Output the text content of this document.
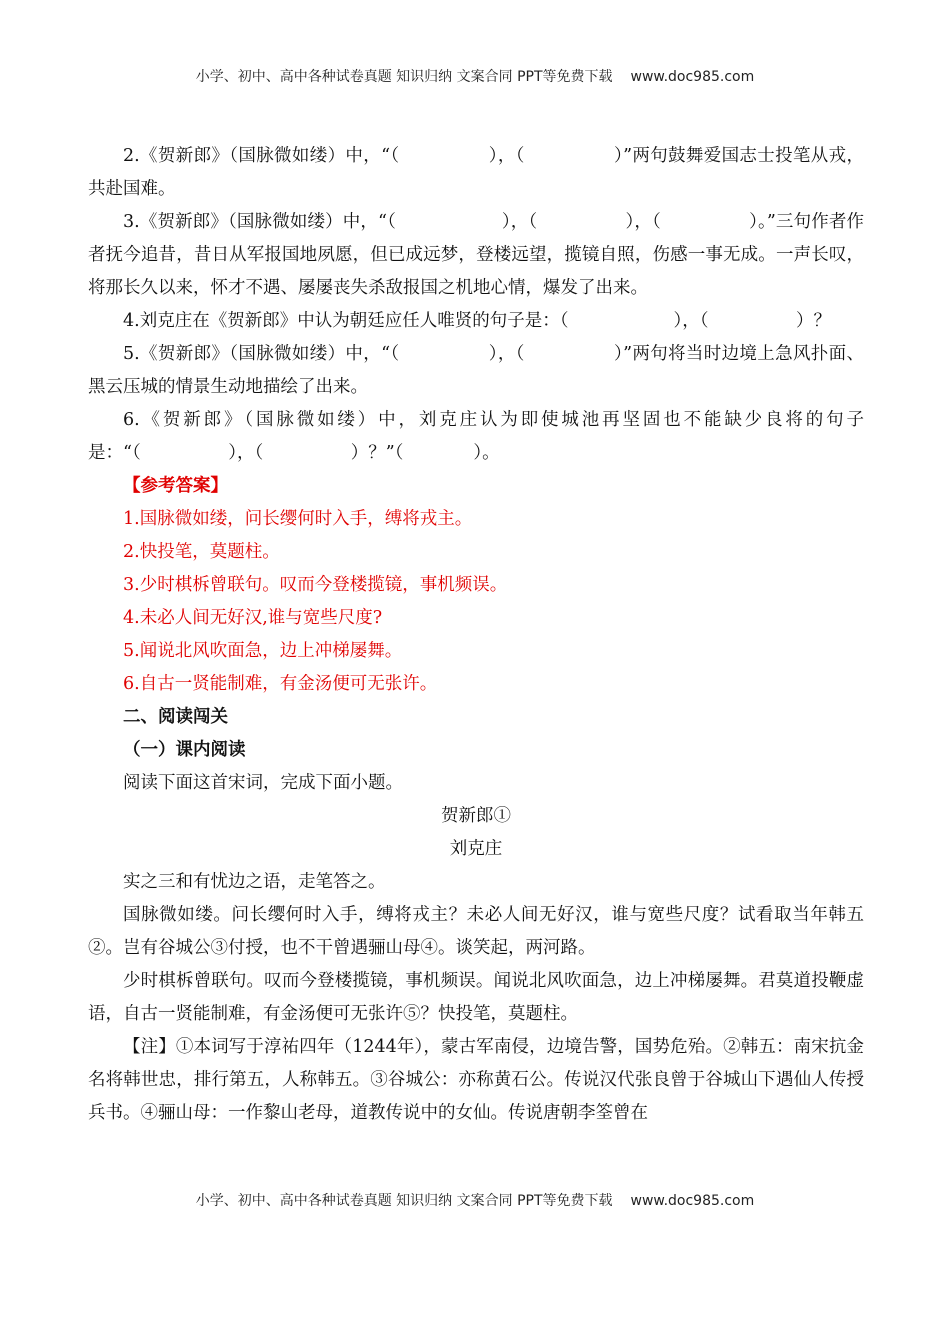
小学、初中、高中各种试卷真题 知识归纳 文案合同 PPT等免费下载 www.doc985.com

2.《贺新郎》（国脉微如缕）中，“（　　　　　），（　　　　　）”两句鼓舞爱国志士投笔从戎，共赴国难。

3.《贺新郎》（国脉微如缕）中，“（　　　　　　），（　　　　　），（　　　　　）。”三句作者作者抚今追昔，昔日从军报国地夙愿，但已成远梦，登楼远望，揽镜自照，伤感一事无成。一声长叹，将那长久以来，怀才不遇、屡屡丧失杀敌报国之机地心情，爆发了出来。

4.刘克庄在《贺新郎》中认为朝廷应任人唯贤的句子是：（　　　　　　），（　　　　　）？

5.《贺新郎》（国脉微如缕）中，“（　　　　　），（　　　　　）”两句将当时边境上急风扑面、黑云压城的情景生动地描绘了出来。

6.《贺新郎》（国脉微如缕）中，刘克庄认为即使城池再坚固也不能缺少良将的句子是：“（　　　　　），（　　　　　）？”（　　　　）。

【参考答案】

1.国脉微如缕，问长缨何时入手，缚将戎主。

2.快投笔，莫题柱。

3.少时棋柝曾联句。叹而今登楼揽镜，事机频误。

4.未必人间无好汉,谁与宽些尺度?

5.闻说北风吹面急，边上冲梯屡舞。

6.自古一贤能制难，有金汤便可无张许。

二、阅读闯关

（一）课内阅读

阅读下面这首宋词，完成下面小题。

贺新郎①

刘克庄

实之三和有忧边之语，走笔答之。

国脉微如缕。问长缨何时入手，缚将戎主？未必人间无好汉，谁与宽些尺度？试看取当年韩五②。岂有谷城公③付授，也不干曾遇骊山母④。谈笑起，两河路。

少时棋柝曾联句。叹而今登楼揽镜，事机频误。闻说北风吹面急，边上冲梯屡舞。君莫道投鞭虚语，自古一贤能制难，有金汤便可无张许⑤？快投笔，莫题柱。

【注】①本词写于淳祐四年（1244年），蒙古军南侵，边境告警，国势危殆。②韩五：南宋抗金名将韩世忠，排行第五，人称韩五。③谷城公：亦称黄石公。传说汉代张良曾于谷城山下遇仙人传授兵书。④骊山母：一作黎山老母，道教传说中的女仙。传说唐朝李筌曾在

小学、初中、高中各种试卷真题 知识归纳 文案合同 PPT等免费下载 www.doc985.com
